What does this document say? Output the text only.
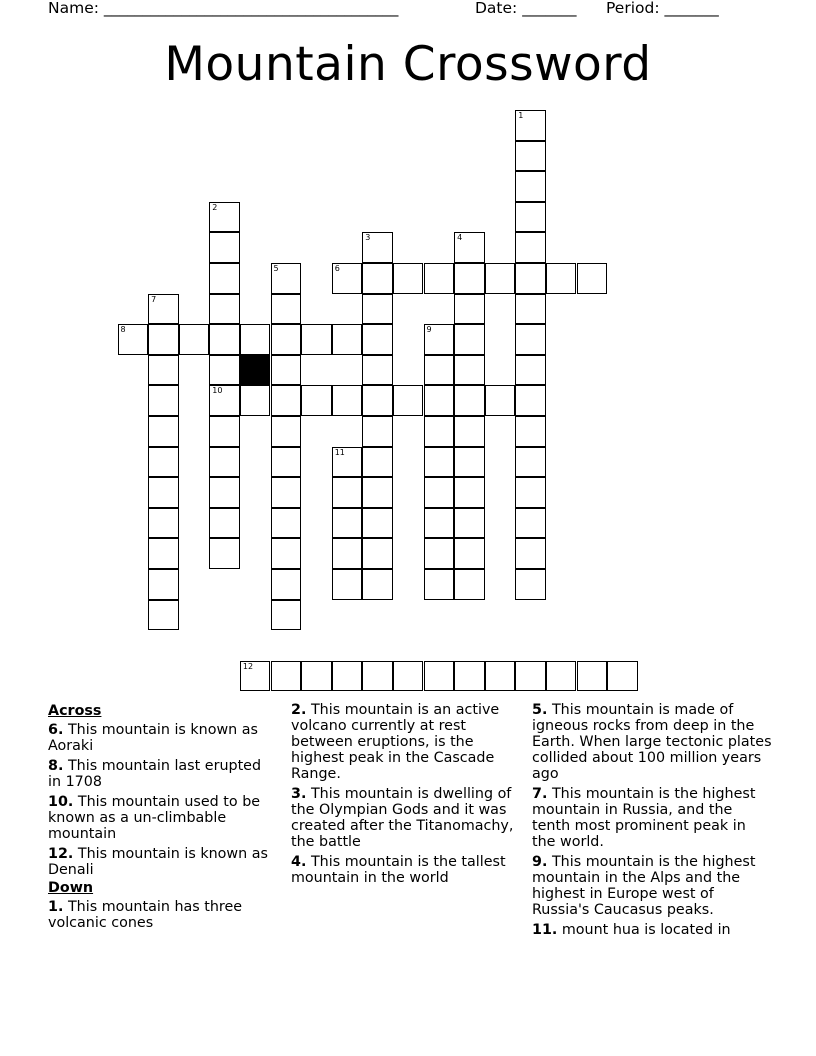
Name: ______________________________________	Date: _______ Period: _______
Mountain Crossword
1
2
10
3	4
5	6
7
8	9
11
12
Across
6. This mountain is known as Aoraki
8. This mountain last erupted in 1708
10. This mountain used to be known as a un-climbable mountain
12. This mountain is known as Denali
Down
1. This mountain has three volcanic cones
2. This mountain is an active volcano currently at rest between eruptions, is the highest peak in the Cascade Range.
3. This mountain is dwelling of the Olympian Gods and it was created after the Titanomachy, the battle
4. This mountain is the tallest mountain in the world
5. This mountain is made of igneous rocks from deep in the Earth. When large tectonic plates collided about 100 million years ago
7. This mountain is the highest mountain in Russia, and the tenth most prominent peak in the world.
9. This mountain is the highest mountain in the Alps and the highest in Europe west of Russia's Caucasus peaks.
11. mount hua is located in
